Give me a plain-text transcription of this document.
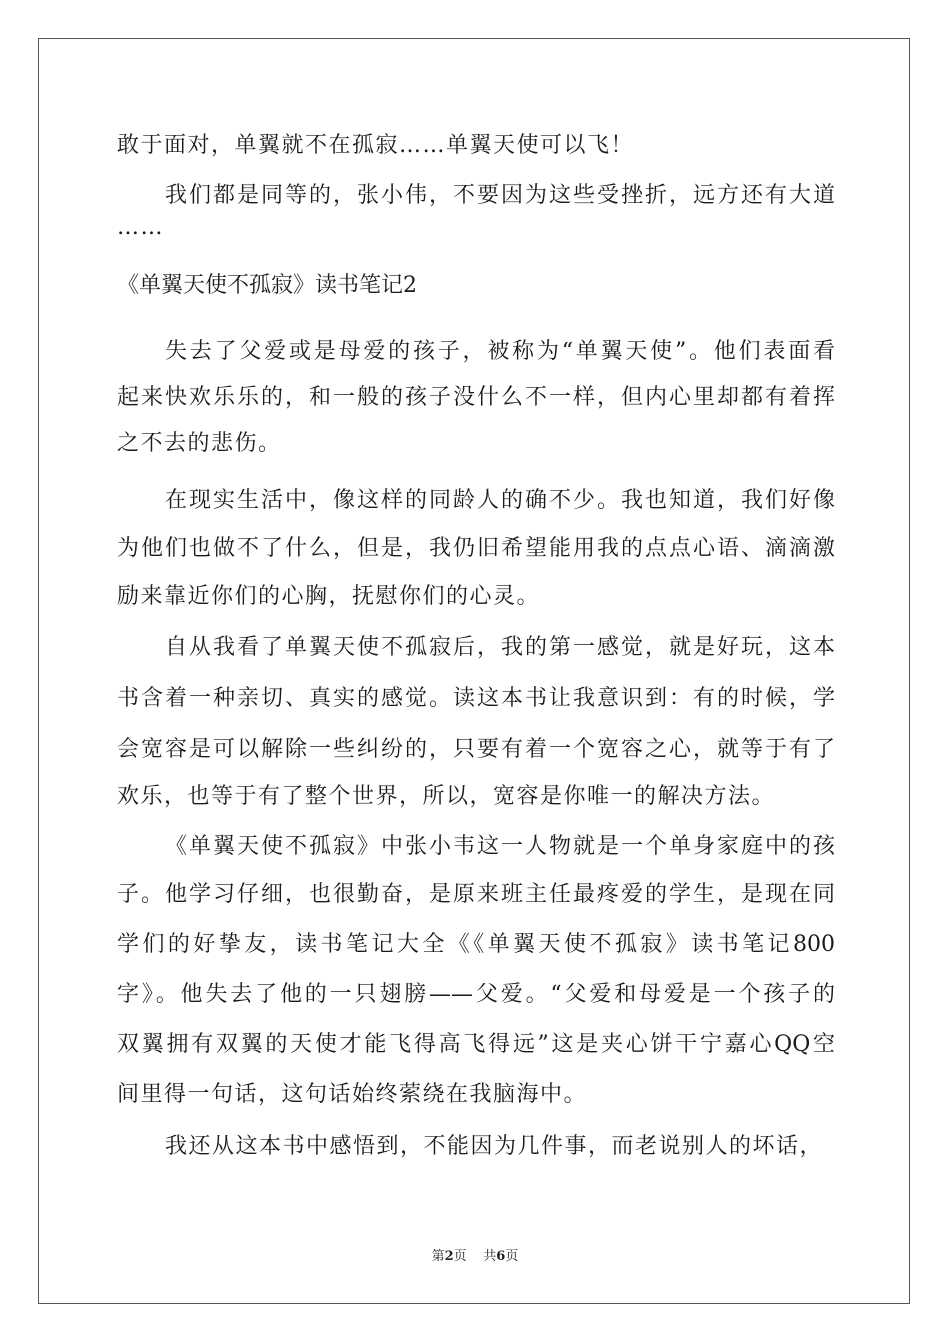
敢于面对，单翼就不在孤寂……单翼天使可以飞！
我们都是同等的，张小伟，不要因为这些受挫折，远方还有大道
……
《单翼天使不孤寂》读书笔记2
失去了父爱或是母爱的孩子，被称为“单翼天使”。他们表面看
起来快欢乐乐的，和一般的孩子没什么不一样，但内心里却都有着挥
之不去的悲伤。
在现实生活中，像这样的同龄人的确不少。我也知道，我们好像
为他们也做不了什么，但是，我仍旧希望能用我的点点心语、滴滴激
励来靠近你们的心胸，抚慰你们的心灵。
自从我看了单翼天使不孤寂后，我的第一感觉，就是好玩，这本
书含着一种亲切、真实的感觉。读这本书让我意识到：有的时候，学
会宽容是可以解除一些纠纷的，只要有着一个宽容之心，就等于有了
欢乐，也等于有了整个世界，所以，宽容是你唯一的解决方法。
《单翼天使不孤寂》中张小韦这一人物就是一个单身家庭中的孩
子。他学习仔细，也很勤奋，是原来班主任最疼爱的学生，是现在同
学们的好挚友，读书笔记大全《《单翼天使不孤寂》读书笔记800
字》。他失去了他的一只翅膀——父爱。“父爱和母爱是一个孩子的
双翼拥有双翼的天使才能飞得高飞得远”这是夹心饼干宁嘉心QQ空
间里得一句话，这句话始终萦绕在我脑海中。
我还从这本书中感悟到，不能因为几件事，而老说别人的坏话，
第2页 共6页
